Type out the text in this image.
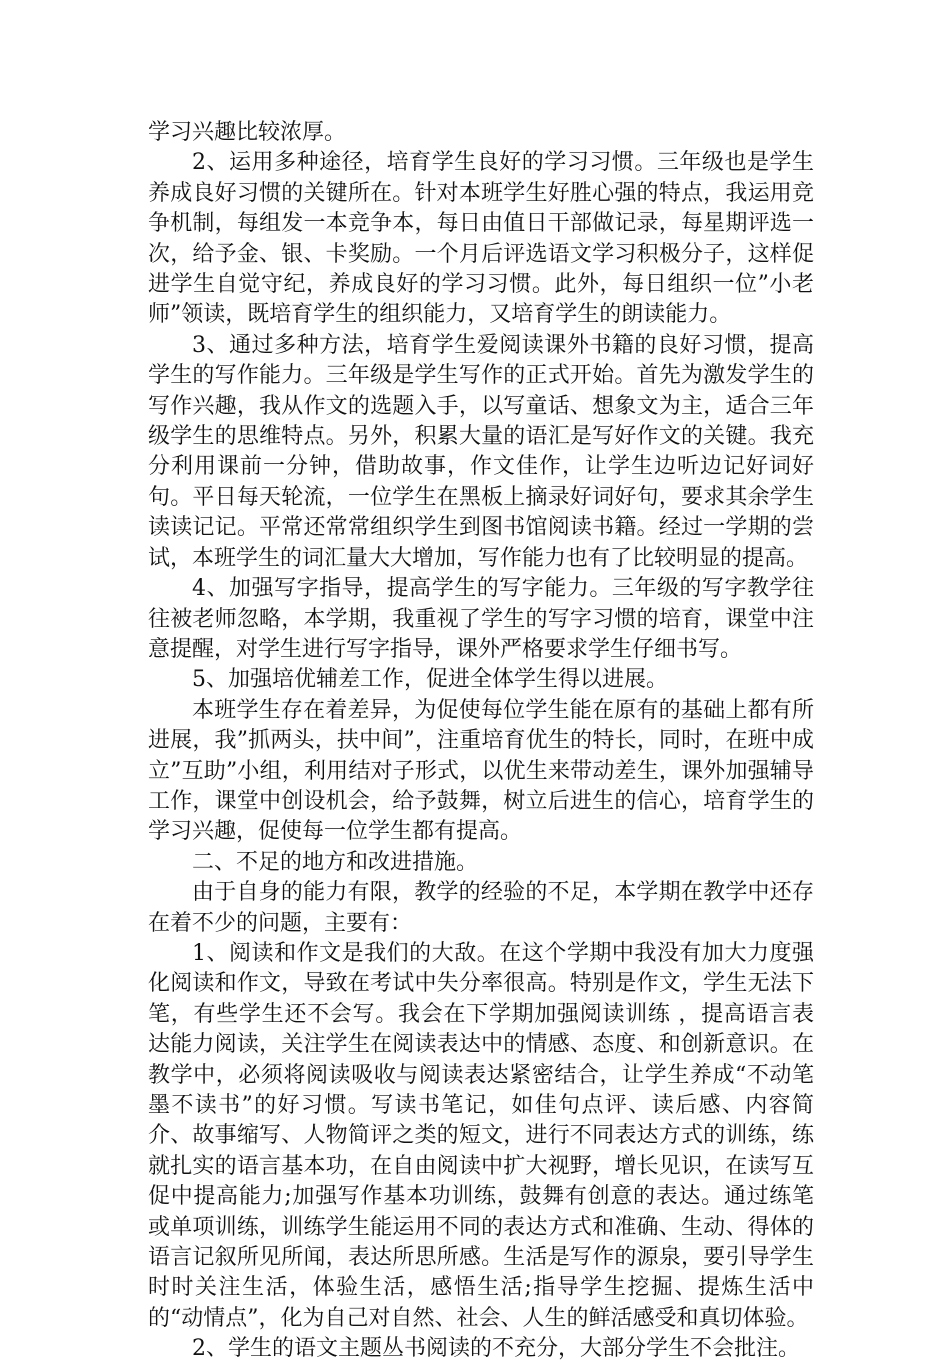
学习兴趣比较浓厚。

2、运用多种途径，培育学生良好的学习习惯。三年级也是学生养成良好习惯的关键所在。针对本班学生好胜心强的特点，我运用竞争机制，每组发一本竞争本，每日由值日干部做记录，每星期评选一次，给予金、银、卡奖励。一个月后评选语文学习积极分子，这样促进学生自觉守纪，养成良好的学习习惯。此外，每日组织一位”小老师”领读，既培育学生的组织能力，又培育学生的朗读能力。

3、通过多种方法，培育学生爱阅读课外书籍的良好习惯，提高学生的写作能力。三年级是学生写作的正式开始。首先为激发学生的写作兴趣，我从作文的选题入手，以写童话、想象文为主，适合三年级学生的思维特点。另外，积累大量的语汇是写好作文的关键。我充分利用课前一分钟，借助故事，作文佳作，让学生边听边记好词好句。平日每天轮流，一位学生在黑板上摘录好词好句，要求其余学生读读记记。平常还常常组织学生到图书馆阅读书籍。经过一学期的尝试，本班学生的词汇量大大增加，写作能力也有了比较明显的提高。

4、加强写字指导，提高学生的写字能力。三年级的写字教学往往被老师忽略，本学期，我重视了学生的写字习惯的培育，课堂中注意提醒，对学生进行写字指导，课外严格要求学生仔细书写。

5、加强培优辅差工作，促进全体学生得以进展。

本班学生存在着差异，为促使每位学生能在原有的基础上都有所进展，我”抓两头，扶中间”，注重培育优生的特长，同时，在班中成立”互助”小组，利用结对子形式，以优生来带动差生，课外加强辅导工作，课堂中创设机会，给予鼓舞，树立后进生的信心，培育学生的学习兴趣，促使每一位学生都有提高。

二、不足的地方和改进措施。

由于自身的能力有限，教学的经验的不足，本学期在教学中还存在着不少的问题，主要有：

1、阅读和作文是我们的大敌。在这个学期中我没有加大力度强化阅读和作文，导致在考试中失分率很高。特别是作文，学生无法下笔，有些学生还不会写。我会在下学期加强阅读训练 ，提高语言表达能力阅读，关注学生在阅读表达中的情感、态度、和创新意识。在教学中，必须将阅读吸收与阅读表达紧密结合，让学生养成“不动笔墨不读书”的好习惯。写读书笔记，如佳句点评、读后感、内容简介、故事缩写、人物简评之类的短文，进行不同表达方式的训练，练就扎实的语言基本功，在自由阅读中扩大视野，增长见识，在读写互促中提高能力;加强写作基本功训练，鼓舞有创意的表达。通过练笔或单项训练，训练学生能运用不同的表达方式和准确、生动、得体的语言记叙所见所闻，表达所思所感。生活是写作的源泉，要引导学生时时关注生活，体验生活，感悟生活;指导学生挖掘、提炼生活中的“动情点”，化为自己对自然、社会、人生的鲜活感受和真切体验。

2、学生的语文主题丛书阅读的不充分，大部分学生不会批注。
